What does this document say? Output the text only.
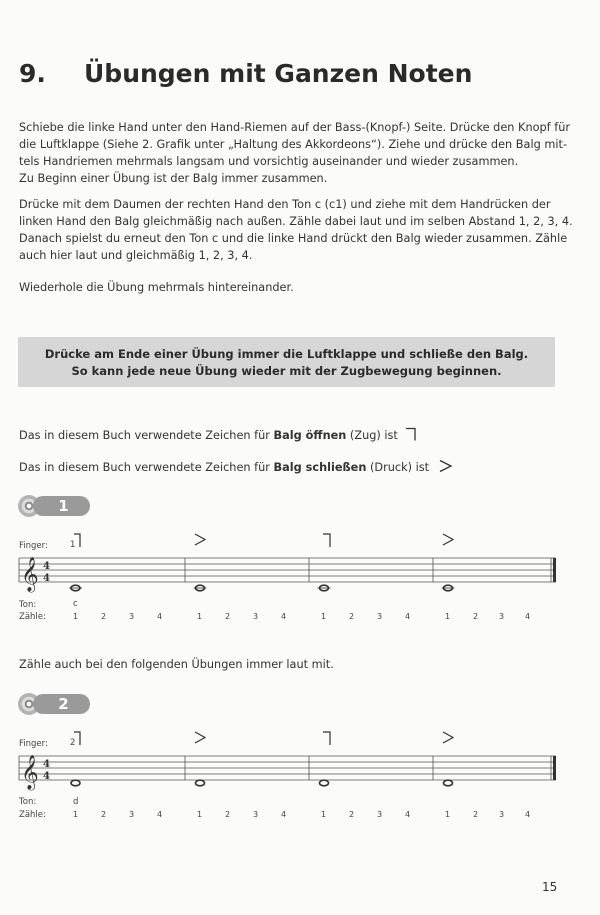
9. Übungen mit Ganzen Noten
Schiebe die linke Hand unter den Hand-Riemen auf der Bass-(Knopf-) Seite. Drücke den Knopf für
die Luftklappe (Siehe 2. Grafik unter „Haltung des Akkordeons“). Ziehe und drücke den Balg mit-
tels Handriemen mehrmals langsam und vorsichtig auseinander und wieder zusammen.
Zu Beginn einer Übung ist der Balg immer zusammen.
Drücke mit dem Daumen der rechten Hand den Ton c (c1) und ziehe mit dem Handrücken der
linken Hand den Balg gleichmäßig nach außen. Zähle dabei laut und im selben Abstand 1, 2, 3, 4.
Danach spielst du erneut den Ton c und die linke Hand drückt den Balg wieder zusammen. Zähle
auch hier laut und gleichmäßig 1, 2, 3, 4.
Wiederhole die Übung mehrmals hintereinander.
Drücke am Ende einer Übung immer die Luftklappe und schließe den Balg.
So kann jede neue Übung wieder mit der Zugbewegung beginnen.
Das in diesem Buch verwendete Zeichen für Balg öffnen (Zug) ist
Das in diesem Buch verwendete Zeichen für Balg schließen (Druck) ist
1
Finger:	1
𝄞 4
4
Ton:	c
Zähle:	1	2	3	4	1	2	3	4	1	2	3	4	1	2	3	4
Zähle auch bei den folgenden Übungen immer laut mit.
2
Finger:	2
𝄞 4
4
Ton:	d
Zähle:	1	2	3	4	1	2	3	4	1	2	3	4	1	2	3	4
15
